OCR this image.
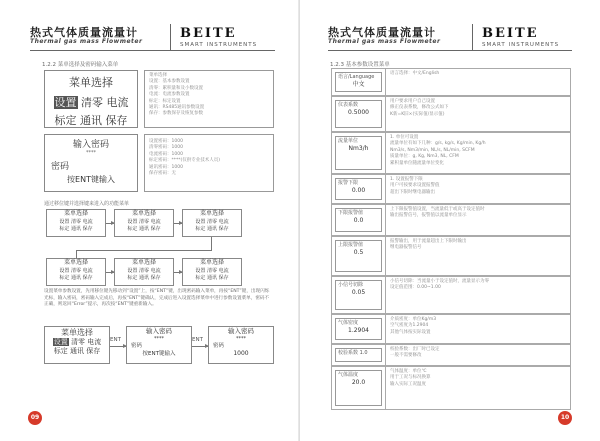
热式气体质量流量计
Thermal gas mass Flowmeter
BEITE
SMART INSTRUMENTS
1.2.2 菜单选择及密码输入菜单
菜单选择
设置 清零 电流
标定 通讯 保存
菜单选择
设置：基本参数设置
清零：累积量和及小数设置
电流：电流参数设置
标定：标定设置
通讯：RS485通讯参数设置
保存：参数保存及恢复参数
输入密码
****
密码
按ENT键输入
设置密码：1000
清零密码：1000
电流密码：1000
标定密码：****(仅供专业技术人员)
通讯密码：1000
保存密码：无
通过移位键并选择键来进入的功能菜单
菜单选择
设置 清零 电流
标定 通讯 保存
菜单选择
设置 清零 电流
标定 通讯 保存
菜单选择
设置 清零 电流
标定 通讯 保存
菜单选择
设置 清零 电流
标定 通讯 保存
菜单选择
设置 清零 电流
标定 通讯 保存
菜单选择
设置 清零 电流
标定 通讯 保存
设置菜单参数设置，先用移位键先移动到“设置”上，按“ENT”键，出现密码输入菜单，再按“ENT”键，出现闪烁光标，输入密码，密码输入完成后，再按“ENT”键确认，完成后进入设置选择菜单中进行参数设置菜单，密码不正确，则返回“Error”提示，再次按“ENT”键重新输入。
菜单选择
设置 清零 电流
标定 通讯 保存
ENT
输入密码
****
密码
按ENT键输入
ENT
输入密码
****
密码
1000
09
热式气体质量流量计
Thermal gas mass Flowmeter
BEITE
SMART INSTRUMENTS
1.2.3 基本参数设置菜单
语言/Language
中文
语言选择：中文/English
仪表系数
0.5000
用户要求用户自己设置
修正仪表系数，修改公式如下
K新=K旧×(实际值/显示值)
流量单位
Nm3/h
1. 单位可设置
流量单位有如下几种：g/s, kg/s, Kg/min, Kg/h
Nm3/s, Nm3/min, NL/s, NL/min, SCFM
质量单位：g, Kg, Nm3, NL, CFM
累积量单位随流量单位变化
报警下限
0.00
1. 设置报警下限
用户可按要求设置报警值
超出下限时继电器输出
下限报警值
0.0
上下限报警值设置，当流量低于或高于设定值时
输出报警信号，报警值以流量单位显示
上限报警值
0.5
报警输出，用于流量超出上下限时输出
继电器报警信号
小信号切除
0.05
小信号切除：当流量小于设定值时，流量显示为零
设定值范围：0.00~1.00
气体密度
1.2904
介质密度：单位Kg/m3
空气密度为1.2904
其他气体按实际设置
校验系数 1.0
校验系数：出厂时已设定
一般不需要修改
气体温度
20.0
气体温度：单位℃
用于工况与标况换算
输入实际工况温度
10
